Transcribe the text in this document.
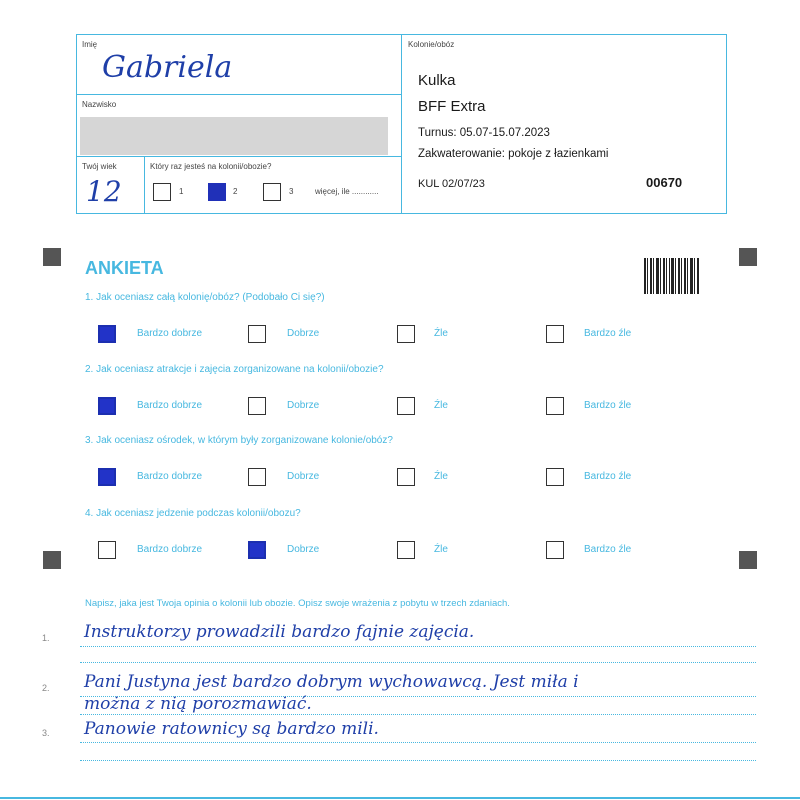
Imię
Gabriela
Nazwisko
Twój wiek
12
Który raz jesteś na kolonii/obozie?
1	2	3	więcej, ile ............
Kolonie/obóz
Kulka
BFF Extra
Turnus: 05.07-15.07.2023
Zakwaterowanie: pokoje z łazienkami
KUL 02/07/23	00670
ANKIETA
1. Jak oceniasz całą kolonię/obóz? (Podobało Ci się?)
Bardzo dobrze	Dobrze	Źle	Bardzo źle
2. Jak oceniasz atrakcje i zajęcia zorganizowane na kolonii/obozie?
Bardzo dobrze	Dobrze	Źle	Bardzo źle
3. Jak oceniasz ośrodek, w którym były zorganizowane kolonie/obóz?
Bardzo dobrze	Dobrze	Źle	Bardzo źle
4. Jak oceniasz jedzenie podczas kolonii/obozu?
Bardzo dobrze	Dobrze	Źle	Bardzo źle
Napisz, jaka jest Twoja opinia o kolonii lub obozie. Opisz swoje wrażenia z pobytu w trzech zdaniach.
1.
2.
3.
Instruktorzy prowadzili bardzo fajnie zajęcia.
Pani Justyna jest bardzo dobrym wychowawcą. Jest miła i
można z nią porozmawiać.
Panowie ratownicy są bardzo mili.
